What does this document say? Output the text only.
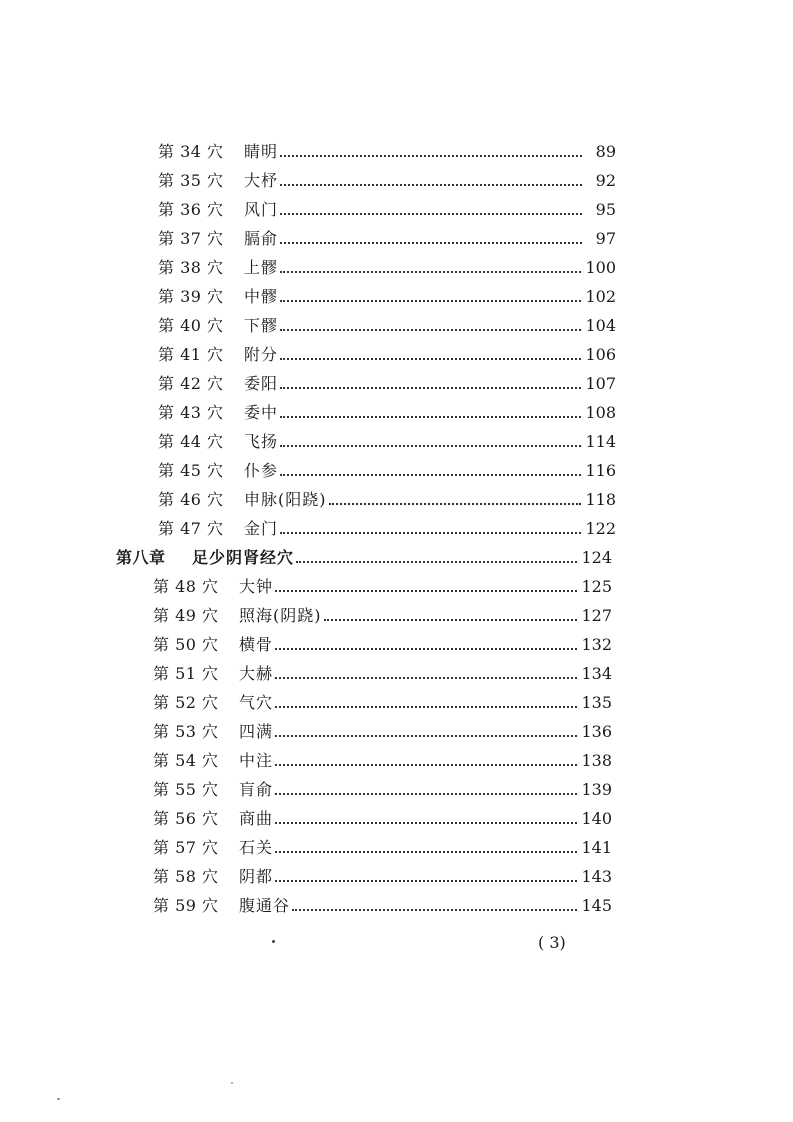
第 34 穴	睛明	89
第 35 穴	大杼	92
第 36 穴	风门	95
第 37 穴	膈俞	97
第 38 穴	上髎	100
第 39 穴	中髎	102
第 40 穴	下髎	104
第 41 穴	附分	106
第 42 穴	委阳	107
第 43 穴	委中	108
第 44 穴	飞扬	114
第 45 穴	仆参	116
第 46 穴	申脉(阳跷)	118
第 47 穴	金门	122
第八章	足少阴肾经穴	124
第 48 穴	大钟	125
第 49 穴	照海(阴跷)	127
第 50 穴	横骨	132
第 51 穴	大赫	134
第 52 穴	气穴	135
第 53 穴	四满	136
第 54 穴	中注	138
第 55 穴	肓俞	139
第 56 穴	商曲	140
第 57 穴	石关	141
第 58 穴	阴都	143
第 59 穴	腹通谷	145
( 3)
